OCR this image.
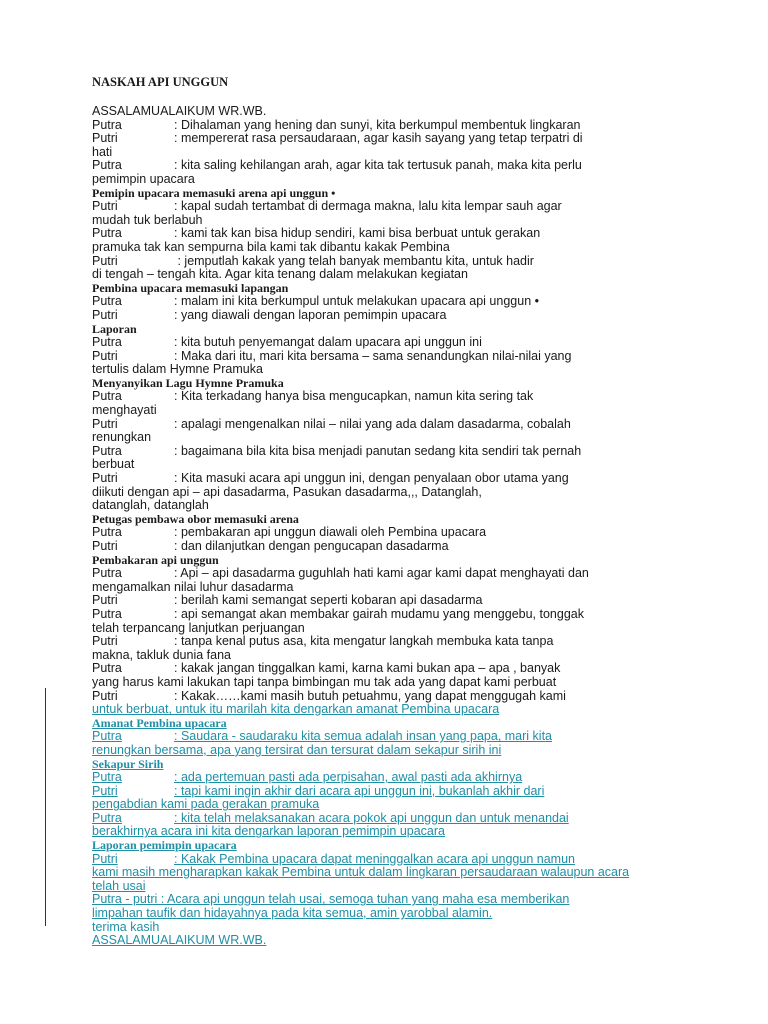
NASKAH API UNGGUN
ASSALAMUALAIKUM WR.WB.
Putra	: Dihalaman yang hening dan sunyi, kita berkumpul membentuk lingkaran
Putri	: mempererat rasa persaudaraan, agar kasih sayang yang tetap terpatri di
hati
Putra	: kita saling kehilangan arah, agar kita tak tertusuk panah, maka kita perlu
pemimpin upacara
Pemipin upacara memasuki arena api unggun •
Putri	: kapal sudah tertambat di dermaga makna, lalu kita lempar sauh agar
mudah tuk berlabuh
Putra	: kami tak kan bisa hidup sendiri, kami bisa berbuat untuk gerakan
pramuka tak kan sempurna bila kami tak dibantu kakak Pembina
Putri	: jemputlah kakak yang telah banyak membantu kita, untuk hadir
di tengah – tengah kita. Agar kita tenang dalam melakukan kegiatan
Pembina upacara memasuki lapangan
Putra	: malam ini kita berkumpul untuk melakukan upacara api unggun •
Putri	: yang diawali dengan laporan pemimpin upacara
Laporan
Putra	: kita butuh penyemangat dalam upacara api unggun ini
Putri	: Maka dari itu, mari kita bersama – sama senandungkan nilai-nilai yang
tertulis dalam Hymne Pramuka
Menyanyikan Lagu Hymne Pramuka
Putra	: Kita terkadang hanya bisa mengucapkan, namun kita sering tak
menghayati
Putri	: apalagi mengenalkan nilai – nilai yang ada dalam dasadarma, cobalah
renungkan
Putra	: bagaimana bila kita bisa menjadi panutan sedang kita sendiri tak pernah
berbuat
Putri	: Kita masuki acara api unggun ini, dengan penyalaan obor utama yang
diikuti dengan api – api dasadarma, Pasukan dasadarma,,, Datanglah,
datanglah, datanglah
Petugas pembawa obor memasuki arena
Putra	: pembakaran api unggun diawali oleh Pembina upacara
Putri	: dan dilanjutkan dengan pengucapan dasadarma
Pembakaran api unggun
Putra	: Api – api dasadarma guguhlah hati kami agar kami dapat menghayati dan
mengamalkan nilai luhur dasadarma
Putri	: berilah kami semangat seperti kobaran api dasadarma
Putra	: api semangat akan membakar gairah mudamu yang menggebu, tonggak
telah terpancang lanjutkan perjuangan
Putri	: tanpa kenal putus asa, kita mengatur langkah membuka kata tanpa
makna, takluk dunia fana
Putra	: kakak jangan tinggalkan kami, karna kami bukan apa – apa , banyak
yang harus kami lakukan tapi tanpa bimbingan mu tak ada yang dapat kami perbuat
Putri	: Kakak……kami masih butuh petuahmu, yang dapat menggugah kami
untuk berbuat, untuk itu marilah kita dengarkan amanat Pembina upacara
Amanat Pembina upacara
Putra	: Saudara - saudaraku kita semua adalah insan yang papa, mari kita
renungkan bersama, apa yang tersirat dan tersurat dalam sekapur sirih ini
Sekapur Sirih
Putra	: ada pertemuan pasti ada perpisahan, awal pasti ada akhirnya
Putri	: tapi kami ingin akhir dari acara api unggun ini, bukanlah akhir dari
pengabdian kami pada gerakan pramuka
Putra	: kita telah melaksanakan acara pokok api unggun dan untuk menandai
berakhirnya acara ini kita dengarkan laporan pemimpin upacara
Laporan pemimpin upacara
Putri	: Kakak Pembina upacara dapat meninggalkan acara api unggun namun
kami masih mengharapkan kakak Pembina untuk dalam lingkaran persaudaraan walaupun acara
telah usai
Putra - putri : Acara api unggun telah usai, semoga tuhan yang maha esa memberikan
limpahan taufik dan hidayahnya pada kita semua, amin yarobbal alamin.
terima kasih
ASSALAMUALAIKUM WR.WB.
